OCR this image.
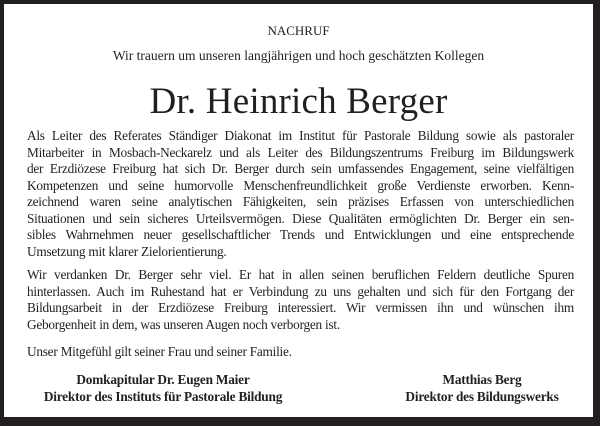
NACHRUF
Wir trauern um unseren langjährigen und hoch geschätzten Kollegen
Dr. Heinrich Berger
Als Leiter des Referates Ständiger Diakonat im Institut für Pastorale Bildung sowie als pastoraler
Mitarbeiter in Mosbach-Neckarelz und als Leiter des Bildungszentrums Freiburg im Bildungswerk
der Erzdiözese Freiburg hat sich Dr. Berger durch sein umfassendes Engagement, seine vielfältigen
Kompetenzen und seine humorvolle Menschenfreundlichkeit große Verdienste erworben. Kenn-
zeichnend waren seine analytischen Fähigkeiten, sein präzises Erfassen von unterschiedlichen
Situationen und sein sicheres Urteilsvermögen. Diese Qualitäten ermöglichten Dr. Berger ein sen-
sibles Wahrnehmen neuer gesellschaftlicher Trends und Entwicklungen und eine entsprechende
Umsetzung mit klarer Zielorientierung.
Wir verdanken Dr. Berger sehr viel. Er hat in allen seinen beruflichen Feldern deutliche Spuren
hinterlassen. Auch im Ruhestand hat er Verbindung zu uns gehalten und sich für den Fortgang der
Bildungsarbeit in der Erzdiözese Freiburg interessiert. Wir vermissen ihn und wünschen ihm
Geborgenheit in dem, was unseren Augen noch verborgen ist.
Unser Mitgefühl gilt seiner Frau und seiner Familie.
Domkapitular Dr. Eugen Maier
Direktor des Instituts für Pastorale Bildung
Matthias Berg
Direktor des Bildungswerks
